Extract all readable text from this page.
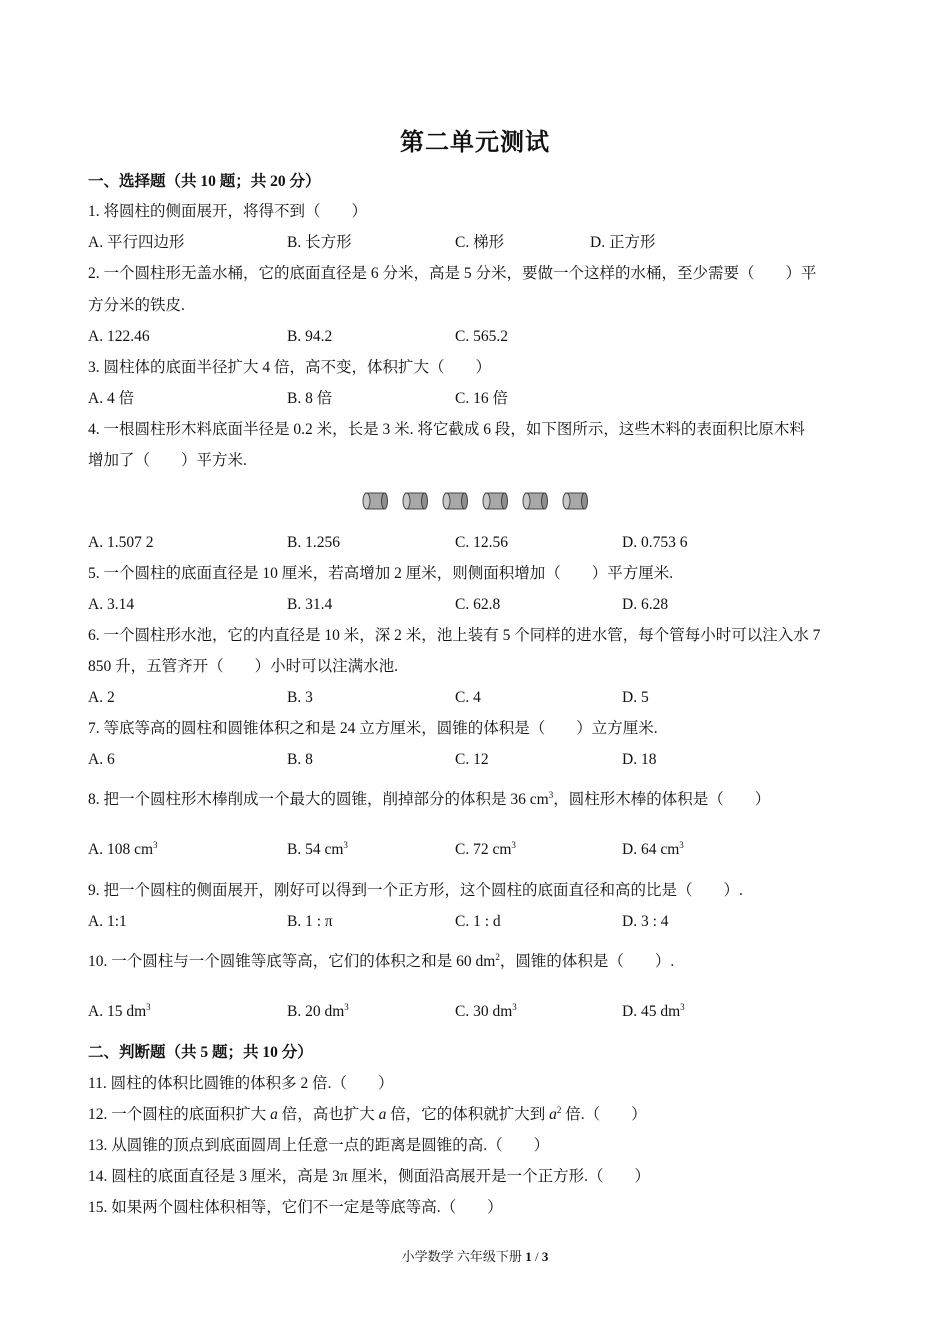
第二单元测试
一、选择题（共 10 题；共 20 分）
1. 将圆柱的侧面展开，将得不到（　　）
A. 平行四边形	B. 长方形	C. 梯形	D. 正方形
2. 一个圆柱形无盖水桶，它的底面直径是 6 分米，高是 5 分米，要做一个这样的水桶，至少需要（　　）平
方分米的铁皮.
A. 122.46	B. 94.2	C. 565.2
3. 圆柱体的底面半径扩大 4 倍，高不变，体积扩大（　　）
A. 4 倍	B. 8 倍	C. 16 倍
4. 一根圆柱形木料底面半径是 0.2 米，长是 3 米. 将它截成 6 段，如下图所示，这些木料的表面积比原木料
增加了（　　）平方米.
A. 1.507 2	B. 1.256	C. 12.56	D. 0.753 6
5. 一个圆柱的底面直径是 10 厘米，若高增加 2 厘米，则侧面积增加（　　）平方厘米.
A. 3.14	B. 31.4	C. 62.8	D. 6.28
6. 一个圆柱形水池，它的内直径是 10 米，深 2 米，池上装有 5 个同样的进水管，每个管每小时可以注入水 7
850 升，五管齐开（　　）小时可以注满水池.
A. 2	B. 3	C. 4	D. 5
7. 等底等高的圆柱和圆锥体积之和是 24 立方厘米，圆锥的体积是（　　）立方厘米.
A. 6	B. 8	C. 12	D. 18
8. 把一个圆柱形木棒削成一个最大的圆锥，削掉部分的体积是 36 $cm^3$，圆柱形木棒的体积是（　　）
A. 108 $cm^3$	B. 54 $cm^3$	C. 72 $cm^3$	D. 64 $cm^3$
9. 把一个圆柱的侧面展开，刚好可以得到一个正方形，这个圆柱的底面直径和高的比是（　　）.
A. 1:1	B. 1 : π	C. 1 : d	D. 3 : 4
10. 一个圆柱与一个圆锥等底等高，它们的体积之和是 60 $dm^2$，圆锥的体积是（　　）.
A. 15 $dm^3$	B. 20 $dm^3$	C. 30 $dm^3$	D. 45 $dm^3$
二、判断题（共 5 题；共 10 分）
11. 圆柱的体积比圆锥的体积多 2 倍.（　　）
12. 一个圆柱的底面积扩大 a 倍，高也扩大 a 倍，它的体积就扩大到 $a^2$ 倍.（　　）
13. 从圆锥的顶点到底面圆周上任意一点的距离是圆锥的高.（　　）
14. 圆柱的底面直径是 3 厘米，高是 3π 厘米，侧面沿高展开是一个正方形.（　　）
15. 如果两个圆柱体积相等，它们不一定是等底等高.（　　）
小学数学 六年级下册 1 / 3
